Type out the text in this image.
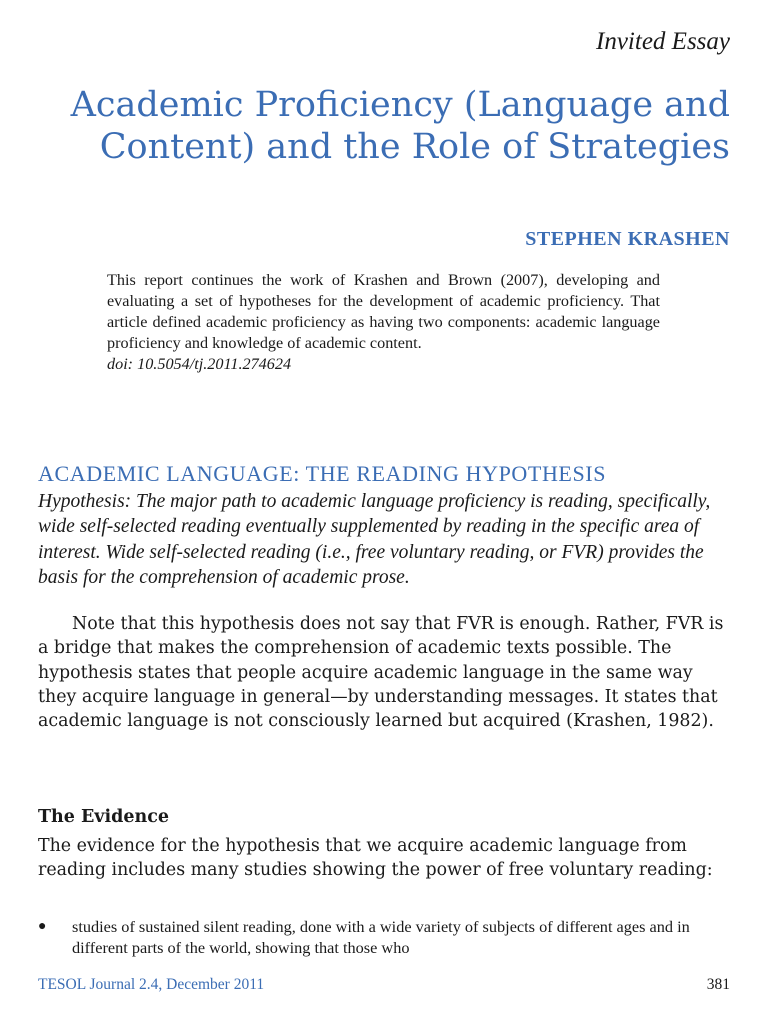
Invited Essay
Academic Proficiency (Language and Content) and the Role of Strategies
STEPHEN KRASHEN
This report continues the work of Krashen and Brown (2007), developing and evaluating a set of hypotheses for the development of academic proficiency. That article defined academic proficiency as having two components: academic language proficiency and knowledge of academic content.
doi: 10.5054/tj.2011.274624
ACADEMIC LANGUAGE: THE READING HYPOTHESIS

Hypothesis: The major path to academic language proficiency is reading, specifically, wide self-selected reading eventually supplemented by reading in the specific area of interest. Wide self-selected reading (i.e., free voluntary reading, or FVR) provides the basis for the comprehension of academic prose.

Note that this hypothesis does not say that FVR is enough. Rather, FVR is a bridge that makes the comprehension of academic texts possible. The hypothesis states that people acquire academic language in the same way they acquire language in general—by understanding messages. It states that academic language is not consciously learned but acquired (Krashen, 1982).

The Evidence

The evidence for the hypothesis that we acquire academic language from reading includes many studies showing the power of free voluntary reading:

● studies of sustained silent reading, done with a wide variety of subjects of different ages and in different parts of the world, showing that those who
TESOL Journal 2.4, December 2011	381
